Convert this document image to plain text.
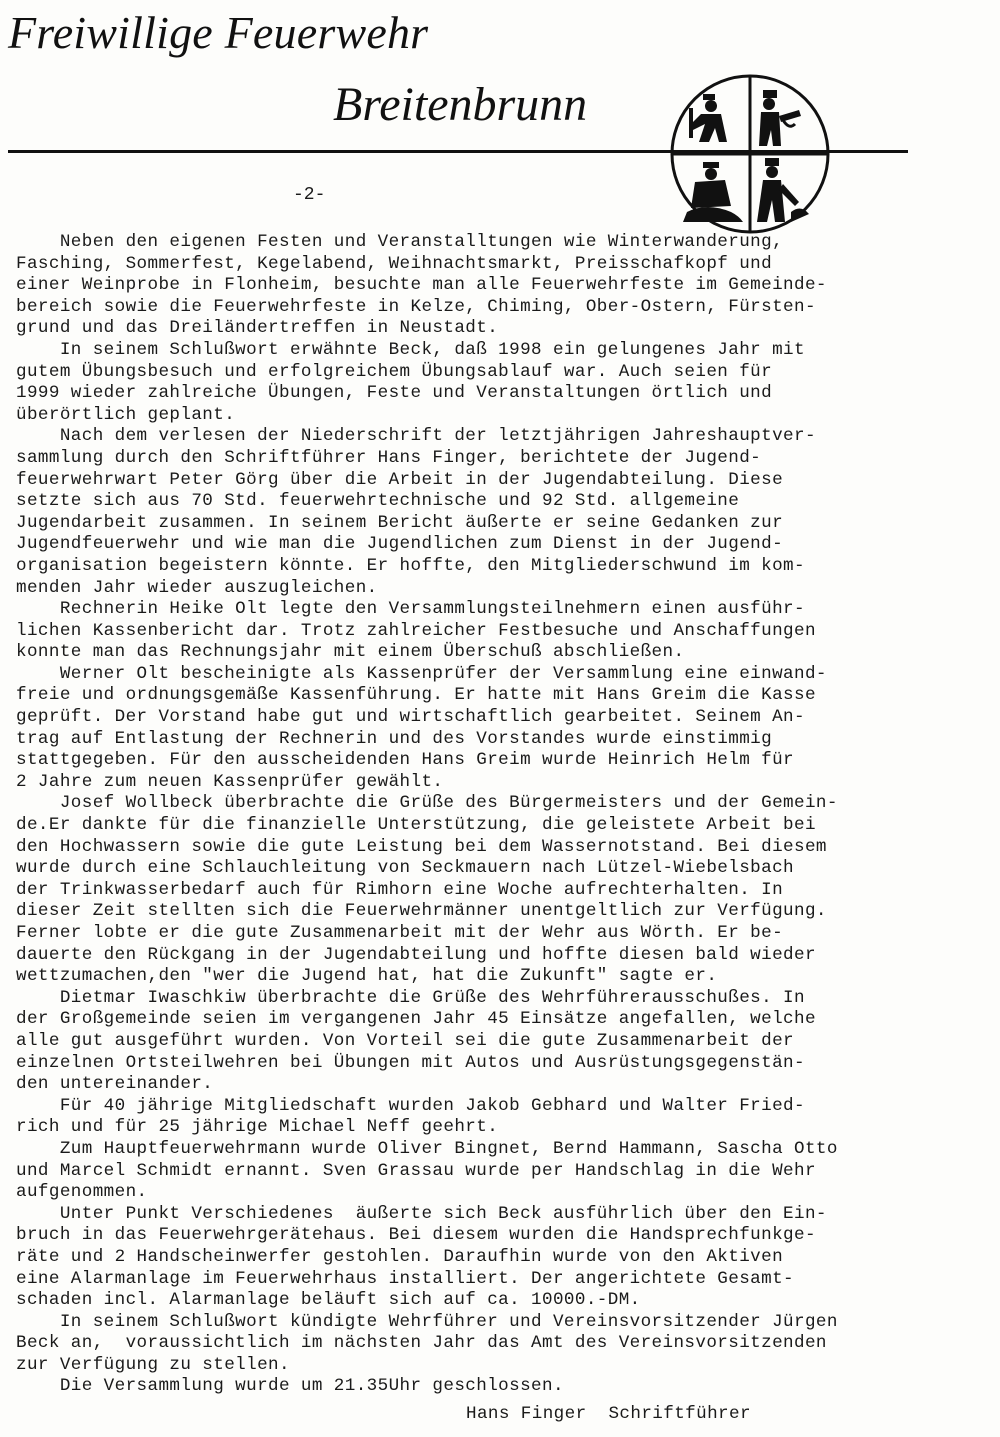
Freiwillige Feuerwehr
Breitenbrunn
-2-
Neben den eigenen Festen und Veranstalltungen wie Winterwanderung,
Fasching, Sommerfest, Kegelabend, Weihnachtsmarkt, Preisschafkopf und
einer Weinprobe in Flonheim, besuchte man alle Feuerwehrfeste im Gemeinde-
bereich sowie die Feuerwehrfeste in Kelze, Chiming, Ober-Ostern, Fürsten-
grund und das Dreiländertreffen in Neustadt.
In seinem Schlußwort erwähnte Beck, daß 1998 ein gelungenes Jahr mit
gutem Übungsbesuch und erfolgreichem Übungsablauf war. Auch seien für
1999 wieder zahlreiche Übungen, Feste und Veranstaltungen örtlich und
überörtlich geplant.
Nach dem verlesen der Niederschrift der letztjährigen Jahreshauptver-
sammlung durch den Schriftführer Hans Finger, berichtete der Jugend-
feuerwehrwart Peter Görg über die Arbeit in der Jugendabteilung. Diese
setzte sich aus 70 Std. feuerwehrtechnische und 92 Std. allgemeine
Jugendarbeit zusammen. In seinem Bericht äußerte er seine Gedanken zur
Jugendfeuerwehr und wie man die Jugendlichen zum Dienst in der Jugend-
organisation begeistern könnte. Er hoffte, den Mitgliederschwund im kom-
menden Jahr wieder auszugleichen.
Rechnerin Heike Olt legte den Versammlungsteilnehmern einen ausführ-
lichen Kassenbericht dar. Trotz zahlreicher Festbesuche und Anschaffungen
konnte man das Rechnungsjahr mit einem Überschuß abschließen.
Werner Olt bescheinigte als Kassenprüfer der Versammlung eine einwand-
freie und ordnungsgemäße Kassenführung. Er hatte mit Hans Greim die Kasse
geprüft. Der Vorstand habe gut und wirtschaftlich gearbeitet. Seinem An-
trag auf Entlastung der Rechnerin und des Vorstandes wurde einstimmig
stattgegeben. Für den ausscheidenden Hans Greim wurde Heinrich Helm für
2 Jahre zum neuen Kassenprüfer gewählt.
Josef Wollbeck überbrachte die Grüße des Bürgermeisters und der Gemein-
de.Er dankte für die finanzielle Unterstützung, die geleistete Arbeit bei
den Hochwassern sowie die gute Leistung bei dem Wassernotstand. Bei diesem
wurde durch eine Schlauchleitung von Seckmauern nach Lützel-Wiebelsbach
der Trinkwasserbedarf auch für Rimhorn eine Woche aufrechterhalten. In
dieser Zeit stellten sich die Feuerwehrmänner unentgeltlich zur Verfügung.
Ferner lobte er die gute Zusammenarbeit mit der Wehr aus Wörth. Er be-
dauerte den Rückgang in der Jugendabteilung und hoffte diesen bald wieder
wettzumachen,den "wer die Jugend hat, hat die Zukunft" sagte er.
Dietmar Iwaschkiw überbrachte die Grüße des Wehrführerausschußes. In
der Großgemeinde seien im vergangenen Jahr 45 Einsätze angefallen, welche
alle gut ausgeführt wurden. Von Vorteil sei die gute Zusammenarbeit der
einzelnen Ortsteilwehren bei Übungen mit Autos und Ausrüstungsgegenstän-
den untereinander.
Für 40 jährige Mitgliedschaft wurden Jakob Gebhard und Walter Fried-
rich und für 25 jährige Michael Neff geehrt.
Zum Hauptfeuerwehrmann wurde Oliver Bingnet, Bernd Hammann, Sascha Otto
und Marcel Schmidt ernannt. Sven Grassau wurde per Handschlag in die Wehr
aufgenommen.
Unter Punkt Verschiedenes  äußerte sich Beck ausführlich über den Ein-
bruch in das Feuerwehrgerätehaus. Bei diesem wurden die Handsprechfunkge-
räte und 2 Handscheinwerfer gestohlen. Daraufhin wurde von den Aktiven
eine Alarmanlage im Feuerwehrhaus installiert. Der angerichtete Gesamt-
schaden incl. Alarmanlage beläuft sich auf ca. 10000.-DM.
In seinem Schlußwort kündigte Wehrführer und Vereinsvorsitzender Jürgen
Beck an,  voraussichtlich im nächsten Jahr das Amt des Vereinsvorsitzenden
zur Verfügung zu stellen.
Die Versammlung wurde um 21.35Uhr geschlossen.
Hans Finger  Schriftführer
